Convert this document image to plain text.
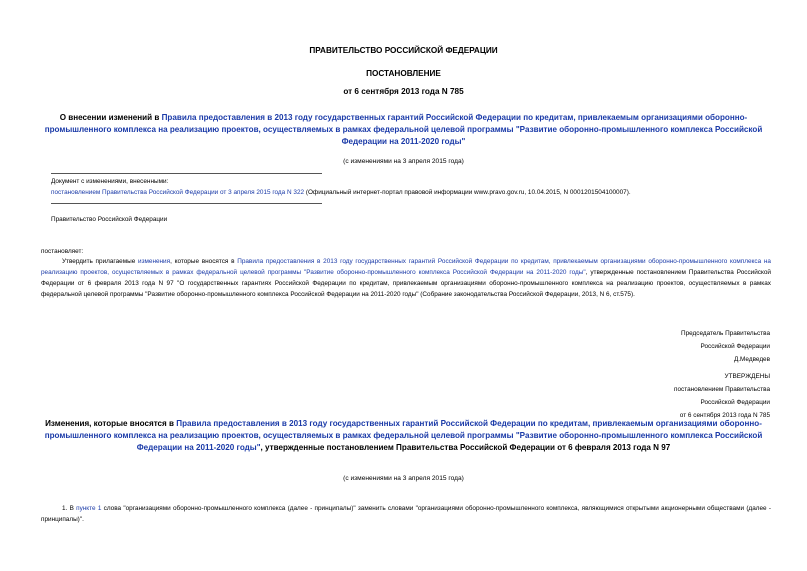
ПРАВИТЕЛЬСТВО РОССИЙСКОЙ ФЕДЕРАЦИИ
ПОСТАНОВЛЕНИЕ
от 6 сентября 2013 года N 785
О внесении изменений в Правила предоставления в 2013 году государственных гарантий Российской Федерации по кредитам, привлекаемым организациями оборонно-промышленного комплекса на реализацию проектов, осуществляемых в рамках федеральной целевой программы "Развитие оборонно-промышленного комплекса Российской Федерации на 2011-2020 годы"
(с изменениями на 3 апреля 2015 года)
Документ с изменениями, внесенными:
постановлением Правительства Российской Федерации от 3 апреля 2015 года N 322 (Официальный интернет-портал правовой информации www.pravo.gov.ru, 10.04.2015, N 0001201504100007).
Правительство Российской Федерации
постановляет:
Утвердить прилагаемые изменения, которые вносятся в Правила предоставления в 2013 году государственных гарантий Российской Федерации по кредитам, привлекаемым организациями оборонно-промышленного комплекса на реализацию проектов, осуществляемых в рамках федеральной целевой программы "Развитие оборонно-промышленного комплекса Российской Федерации на 2011-2020 годы", утвержденные постановлением Правительства Российской Федерации от 6 февраля 2013 года N 97 "О государственных гарантиях Российской Федерации по кредитам, привлекаемым организациями оборонно-промышленного комплекса на реализацию проектов, осуществляемых в рамках федеральной целевой программы "Развитие оборонно-промышленного комплекса Российской Федерации на 2011-2020 годы" (Собрание законодательства Российской Федерации, 2013, N 6, ст.575).
Председатель Правительства
Российской Федерации
Д.Медведев
УТВЕРЖДЕНЫ
постановлением Правительства
Российской Федерации
от 6 сентября 2013 года N 785
Изменения, которые вносятся в Правила предоставления в 2013 году государственных гарантий Российской Федерации по кредитам, привлекаемым организациями оборонно-промышленного комплекса на реализацию проектов, осуществляемых в рамках федеральной целевой программы "Развитие оборонно-промышленного комплекса Российской Федерации на 2011-2020 годы", утвержденные постановлением Правительства Российской Федерации от 6 февраля 2013 года N 97
(с изменениями на 3 апреля 2015 года)
1. В пункте 1 слова "организациями оборонно-промышленного комплекса (далее - принципалы)" заменить словами "организациями оборонно-промышленного комплекса, являющимися открытыми акционерными обществами (далее - принципалы)".
